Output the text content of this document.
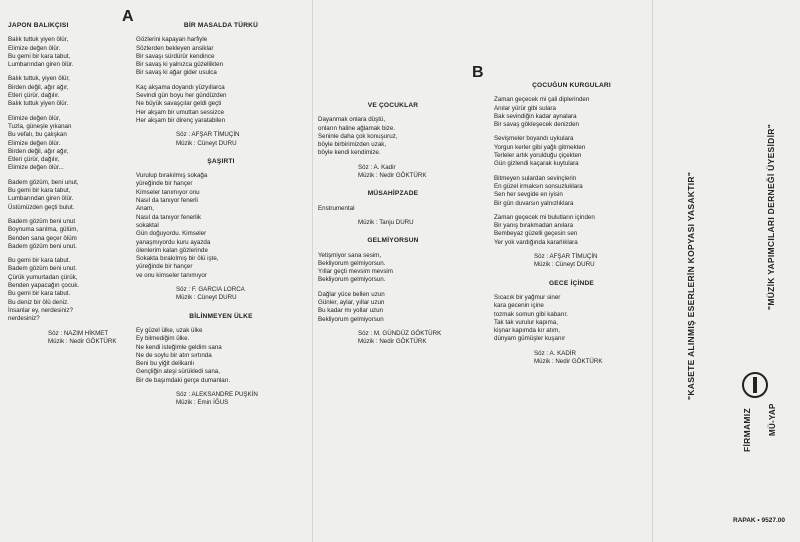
A
B
JAPON BALIKÇISI
Balık tuttuk yiyen ölür,
Elimize değen ölür.
Bu gemi bir kara tabut,
Lumbarından giren ölür.
Balık tuttuk, yiyen ölür,
Birden değil, ağır ağır,
Etleri çürür, dağılır.
Balık tuttuk yiyen ölür.
Elimize değen ölür,
Tuzla, güneşle yıkanan
Bu vefalı, bu çalışkan
Elimize değen ölür.
Birden değil, ağır ağır,
Etleri çürür, dağılır,
Elimize değen ölür...
Badem gözüm, beni unut,
Bu gemi bir kara tabut,
Lumbarından giren ölür.
Üstümüzden geçti bulut.
Badem gözüm beni unut
Boynuma sarılma, gülüm,
Benden sana geçer ölüm
Badem gözüm beni unut.
Bu gemi bir kara tabut.
Badem gözüm beni unut.
Çürük yumurtadan çürük,
Benden yapacağın çocuk.
Bu gemi bir kara tabut.
Bu deniz bir ölü deniz.
İnsanlar ey, nerdesiniz?
nerdesiniz?
Söz : NAZIM HİKMET
Müzik : Nedir GÖKTÜRK
BİR MASALDA TÜRKÜ
Gözlerini kapayan harfiyle
Sözlerden bekleyen ansiklar
Bir savaşı sürdürür kendince
Bir savaş ki yalnızca güzellikten
Bir savaş ki ağar gider usulca
Kaç akşama doyandı yüzyıllarca
Sevindi gün boyu her gündüzden
Ne büyük savaşçılar geldi geçti
Her akşam bir umuttan sessizce
Her akşam bir direnç yaratabilen
Söz : AFŞAR TİMUÇİN
Müzik : Cüneyt DURU
ŞAŞIRTI
Vurulup bırakılmış sokağa
yüreğinde bir hançer
Kimseler tanımıyor onu
Nasıl da tanıyor fenerli
Anam,
Nasıl da tanıyor fenerlik
sokaktal
Gün doğuyordu. Kimseler
yanaşmıyordu kuru ayazda
ölenlerim kalan gözlerinde
Sokakta bırakılmış bir ölü işte,
yüreğinde bir hançer
ve onu kimseler tanımıyor
Söz : F. GARCIA LORCA
Müzik : Cüneyt DURU
BİLİNMEYEN ÜLKE
Ey güzel ülke, uzak ülke
Ey bilmediğim ülke.
Ne kendi isteğimle geldim sana
Ne de soylu bir atın sırtında
Beni bu yiğit delikanlı
Gençliğin ateşi sürükledi sana,
Bir de başımdaki gerçe dumanları.
Söz : ALEKSANDRE PUŞKİN
Müzik : Emin İĞUS
VE ÇOCUKLAR
Dayanmak onlara düştü,
onların haline ağlamak bize.
Seninle daha çok konuşuruz,
böyle birbirimizden uzak,
böyle kendi kendimize.
Söz : A. Kadir
Müzik : Nedir GÖKTÜRK
MÜSAHİPZADE
Enstrumental
Müzik : Tanju DURU
GELMİYORSUN
Yetişmiyor sana sesim,
Bekliyorum gelmiyorsun.
Yıllar geçti mevsim mevsim
Bekliyorum gelmiyorsun.
Dağlar yüce bellerı uzun
Günler, aylar, yıllar uzun
Bu kadar mı yollar uzun
Bekliyorum gelmiyorsun
Söz : M. GÜNDÜZ GÖKTÜRK
Müzik : Nedir GÖKTÜRK
ÇOCUĞUN KURGULARI
Zaman geçecek mi çali diplerinden
Anılar yürür gibi sulara
Bak sevindiğin kadar aynalara
Bir savaş gökleşecek denizden
Sevişmeler boyandı uykulara
Yorgun kerler gibi yağlı gitmekten
Terleler artık yorulduğu çiçekten
Gün gizlendi kaçarak kuytulara
Bitmeyen sulardan sevinçlerin
En güzel irmaksın sonsuzluklara
Sen her sevgide en iyisin
Bir gün duvarsın yalnızlıklara
Zaman geçecek mi bulutların içinden
Bir yanış bırakmadan anılara
Bembeyaz güzelli geçesin sen
Yer yok vardığında kararlıklara
Söz : AFŞAR TİMUÇİN
Müzik : Cüneyt DURU
GECE İÇİNDE
Sıcacık bir yağmur siner
kara gecenin içine
tozmak somun gibi kabarır.
Tak tak vurulur kapıma,
kişnar kapımda kır atım,
dünyam gümüşler kuşanır
Söz : A. KADİR
Müzik : Nedir GÖKTÜRK	"KASETE ALINMIŞ ESERLERİN KOPYASI YASAKTIR"
FİRMAMIZ
"MÜZİK YAPIMCILARI DERNEĞİ ÜYESİDİR"
MÜ-YAP
RAPAK • 9527.00
